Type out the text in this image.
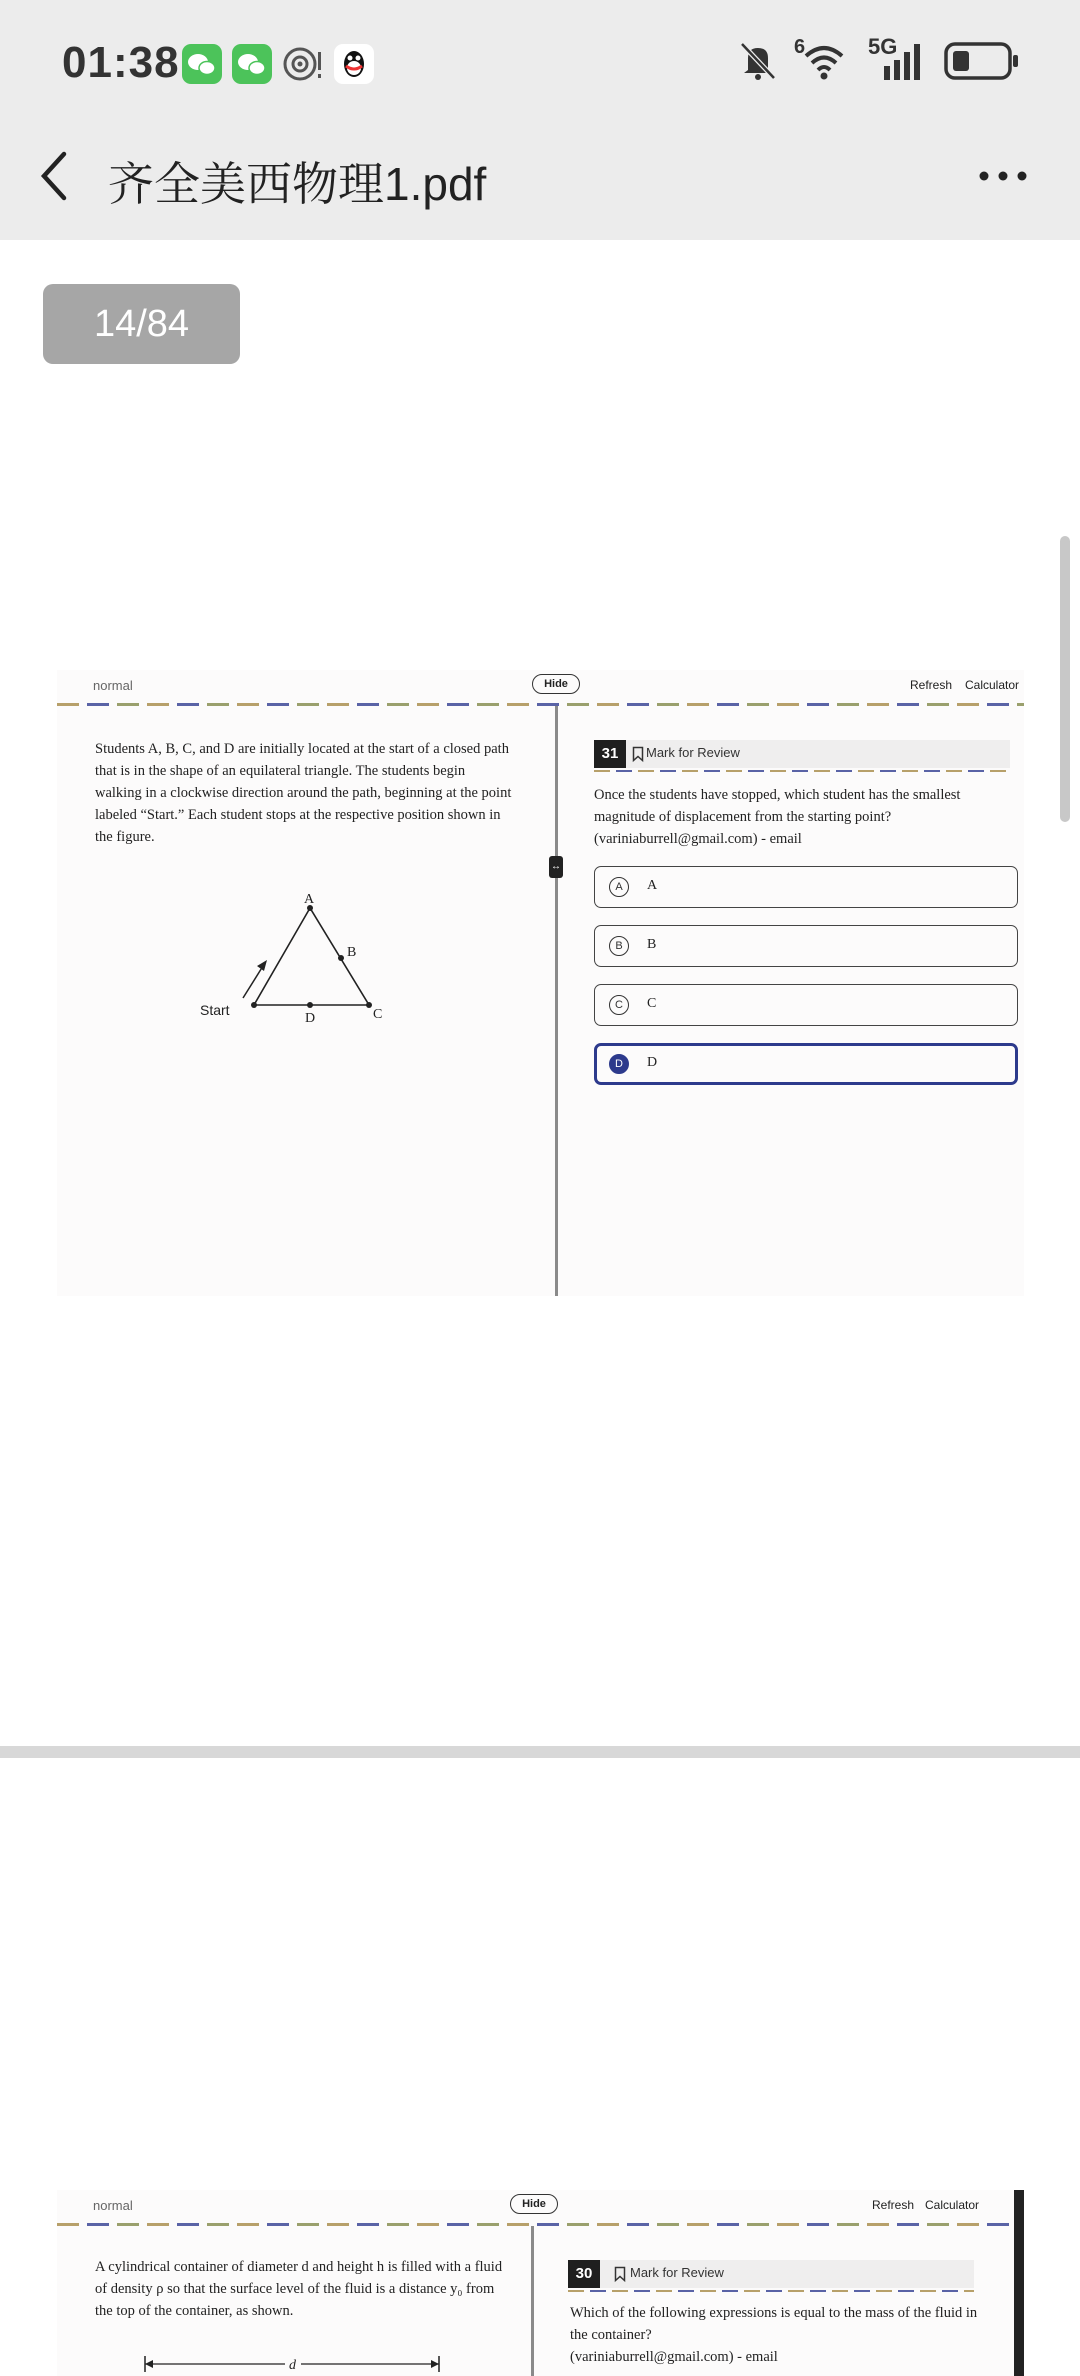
01:38	6	5G
齐全美西物理1.pdf
14/84
normal	Hide	Refresh Calculator
↔
Students A, B, C, and D are initially located at the start of a closed path that is in the shape of an equilateral triangle. The students begin walking in a clockwise direction around the path, beginning at the point labeled “Start.” Each student stops at the respective position shown in the figure.
A
B
C
D
Start
31	Mark for Review
Once the students have stopped, which student has the smallest magnitude of displacement from the starting point?
(variniaburrell@gmail.com) - email
A	A
B	B
C	C
D	D
normal	Hide	Refresh Calculator
A cylindrical container of diameter d and height h is filled with a fluid of density ρ so that the surface level of the fluid is a distance y₀ from the top of the container, as shown.
d
30	Mark for Review
Which of the following expressions is equal to the mass of the fluid in the container?
(variniaburrell@gmail.com) - email
